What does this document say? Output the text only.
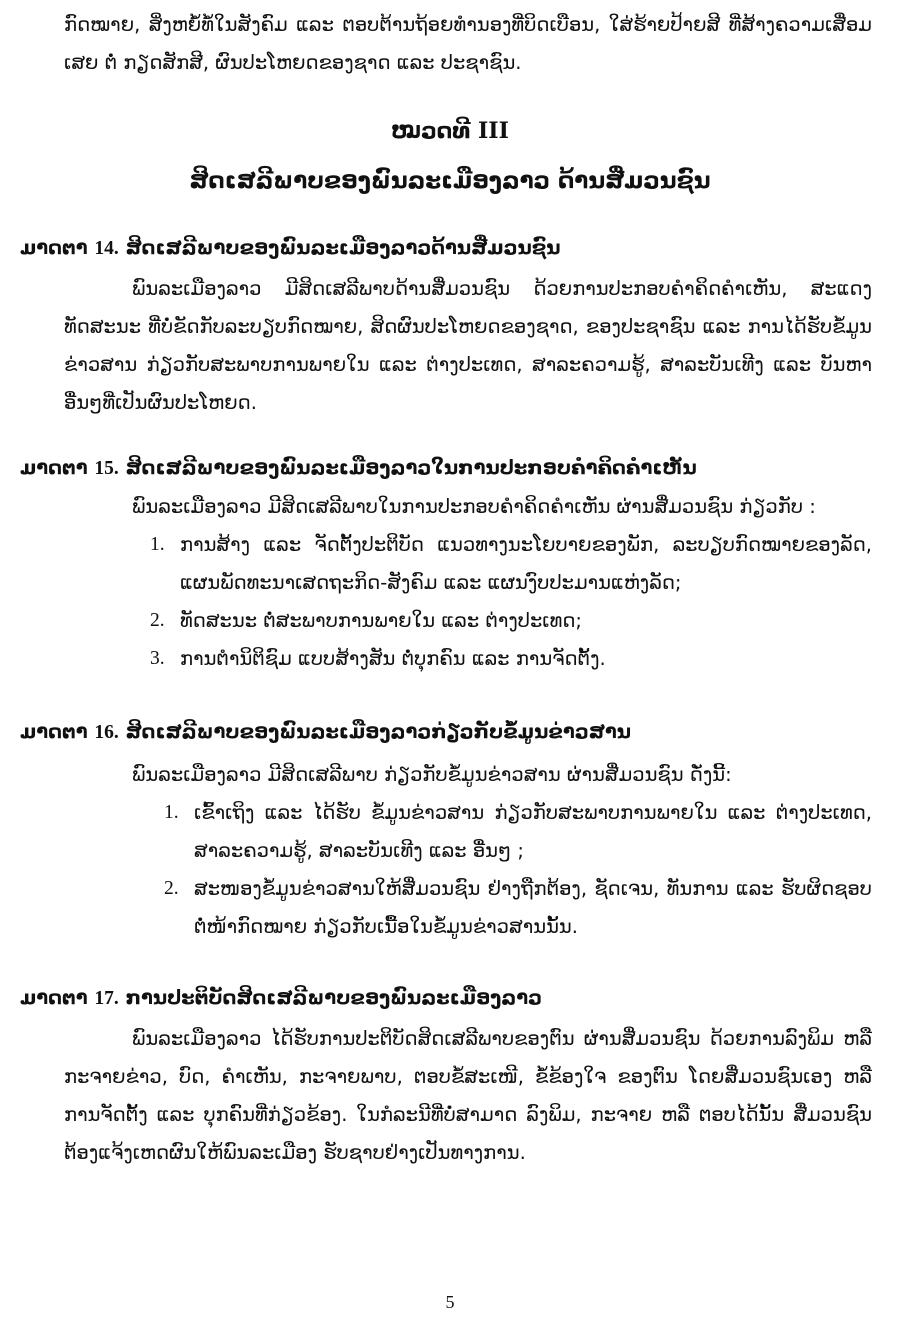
ກົດໝາຍ, ສິ່ງຫຍໍ້ທໍ້ໃນສັງຄົມ ແລະ ຕອບຕ້ານຖ້ອຍທຳນອງທີ່ບິດເບືອນ, ໃສ່ຮ້າຍປ້າຍສີ ທີ່ສ້າງຄວາມເສື່ອມເສຍ ຕໍ່ ກຽດສັກສີ, ຜົນປະໂຫຍດຂອງຊາດ ແລະ ປະຊາຊົນ.

ໝວດທີ III
ສິດເສລີພາບຂອງພົນລະເມືອງລາວ ດ້ານສື່ມວນຊົນ
ມາດຕາ 14. ສິດເສລີພາບຂອງພົນລະເມືອງລາວດ້ານສື່ມວນຊົນ

ພົນລະເມືອງລາວ ມີສິດເສລີພາບດ້ານສື່ມວນຊົນ ດ້ວຍການປະກອບຄຳຄິດຄຳເຫັນ, ສະແດງທັດສະນະ ທີ່ບໍ່ຂັດກັບລະບຽບກົດໝາຍ, ສິດຜົນປະໂຫຍດຂອງຊາດ, ຂອງປະຊາຊົນ ແລະ ການໄດ້ຮັບຂໍ້ມູນຂ່າວສານ ກ່ຽວກັບສະພາບການພາຍໃນ ແລະ ຕ່າງປະເທດ, ສາລະຄວາມຮູ້, ສາລະບັນເທີງ ແລະ ບັນຫາອື່ນໆທີ່ເປັນຜົນປະໂຫຍດ.

ມາດຕາ 15. ສິດເສລີພາບຂອງພົນລະເມືອງລາວໃນການປະກອບຄຳຄິດຄຳເຫັນ

ພົນລະເມືອງລາວ ມີສິດເສລີພາບໃນການປະກອບຄຳຄິດຄຳເຫັນ ຜ່ານສື່ມວນຊົນ ກ່ຽວກັບ :

1. ການສ້າງ ແລະ ຈັດຕັ້ງປະຕິບັດ ແນວທາງນະໂຍບາຍຂອງພັກ, ລະບຽບກົດໝາຍຂອງລັດ, ແຜນພັດທະນາເສດຖະກິດ-ສັງຄົມ ແລະ ແຜນງົບປະມານແຫ່ງລັດ;
2. ທັດສະນະ ຕໍ່ສະພາບການພາຍໃນ ແລະ ຕ່າງປະເທດ;
3. ການຕຳນິຕິຊົມ ແບບສ້າງສັນ ຕໍ່ບຸກຄົນ ແລະ ການຈັດຕັ້ງ.
ມາດຕາ 16. ສິດເສລີພາບຂອງພົນລະເມືອງລາວກ່ຽວກັບຂໍ້ມູນຂ່າວສານ

ພົນລະເມືອງລາວ ມີສິດເສລີພາບ ກ່ຽວກັບຂໍ້ມູນຂ່າວສານ ຜ່ານສື່ມວນຊົນ ດັ່ງນີ້:

1. ເຂົ້າເຖິງ ແລະ ໄດ້ຮັບ ຂໍ້ມູນຂ່າວສານ ກ່ຽວກັບສະພາບການພາຍໃນ ແລະ ຕ່າງປະເທດ, ສາລະຄວາມຮູ້, ສາລະບັນເທີງ ແລະ ອື່ນໆ ;
2. ສະໜອງຂໍ້ມູນຂ່າວສານໃຫ້ສື່ມວນຊົນ ຢ່າງຖືກຕ້ອງ, ຊັດເຈນ, ທັນການ ແລະ ຮັບຜິດຊອບຕໍ່ໜ້າກົດໝາຍ ກ່ຽວກັບເນື້ອໃນຂໍ້ມູນຂ່າວສານນັ້ນ.
ມາດຕາ 17. ການປະຕິບັດສິດເສລີພາບຂອງພົນລະເມືອງລາວ

ພົນລະເມືອງລາວ ໄດ້ຮັບການປະຕິບັດສິດເສລີພາບຂອງຕົນ ຜ່ານສື່ມວນຊົນ ດ້ວຍການລົງພິມ ຫລື ກະຈາຍຂ່າວ, ບົດ, ຄຳເຫັນ, ກະຈາຍພາບ, ຕອບຂໍ້ສະເໜີ, ຂໍ້ຂ້ອງໃຈ ຂອງຕົນ ໂດຍສື່ມວນຊົນເອງ ຫລື ການຈັດຕັ້ງ ແລະ ບຸກຄົນທີ່ກ່ຽວຂ້ອງ. ໃນກໍລະນີທີ່ບໍ່ສາມາດ ລົງພິມ, ກະຈາຍ ຫລື ຕອບໄດ້ນັ້ນ ສື່ມວນຊົນ ຕ້ອງແຈ້ງເຫດຜົນໃຫ້ພົນລະເມືອງ ຮັບຊາບຢ່າງເປັນທາງການ.

5
